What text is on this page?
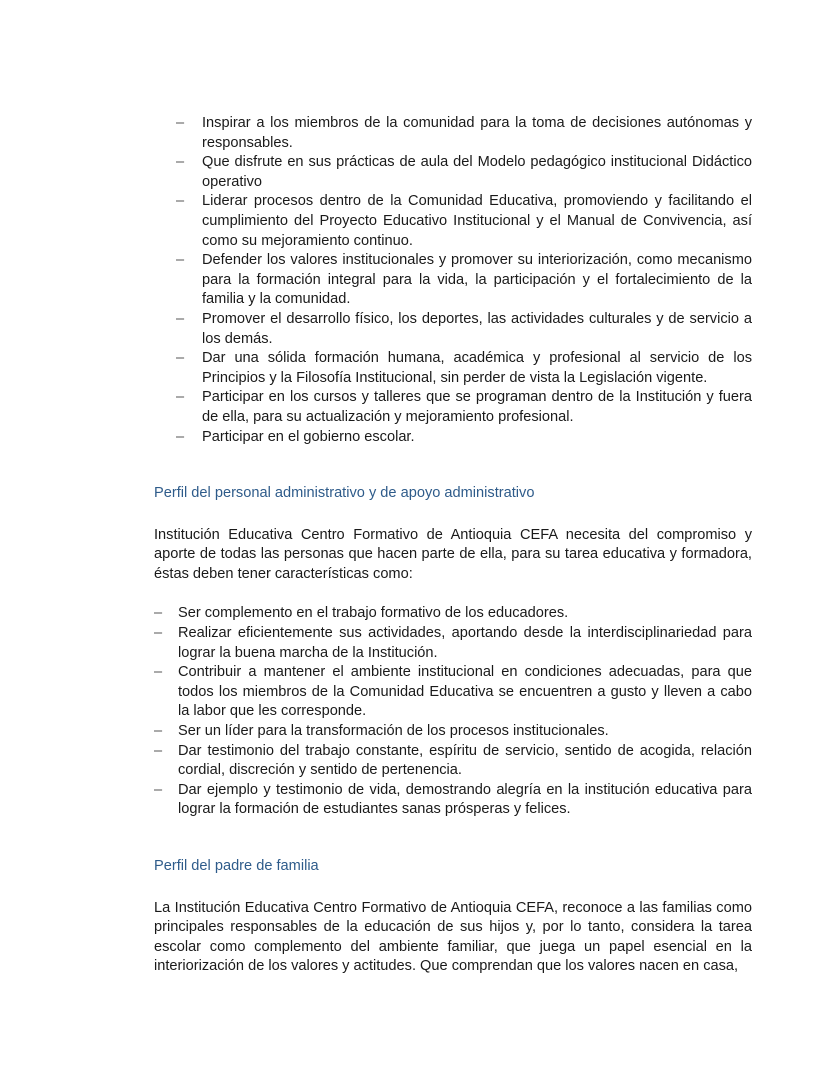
– Inspirar a los miembros de la comunidad para la toma de decisiones autónomas y responsables.
– Que disfrute en sus prácticas de aula del Modelo pedagógico institucional Didáctico operativo
– Liderar procesos dentro de la Comunidad Educativa, promoviendo y facilitando el cumplimiento del Proyecto Educativo Institucional y el Manual de Convivencia, así como su mejoramiento continuo.
– Defender los valores institucionales y promover su interiorización, como mecanismo para la formación integral para la vida, la participación y el fortalecimiento de la familia y la comunidad.
– Promover el desarrollo físico, los deportes, las actividades culturales y de servicio a los demás.
– Dar una sólida formación humana, académica y profesional al servicio de los Principios y la Filosofía Institucional, sin perder de vista la Legislación vigente.
– Participar en los cursos y talleres que se programan dentro de la Institución y fuera de ella, para su actualización y mejoramiento profesional.
– Participar en el gobierno escolar.
Perfil del personal administrativo y de apoyo administrativo

Institución Educativa Centro Formativo de Antioquia CEFA necesita del compromiso y aporte de todas las personas que hacen parte de ella, para su tarea educativa y formadora, éstas deben tener características como:

– Ser complemento en el trabajo formativo de los educadores.
– Realizar eficientemente sus actividades, aportando desde la interdisciplinariedad para lograr la buena marcha de la Institución.
– Contribuir a mantener el ambiente institucional en condiciones adecuadas, para que todos los miembros de la Comunidad Educativa se encuentren a gusto y lleven a cabo la labor que les corresponde.
– Ser un líder para la transformación de los procesos institucionales.
– Dar testimonio del trabajo constante, espíritu de servicio, sentido de acogida, relación cordial, discreción y sentido de pertenencia.
– Dar ejemplo y testimonio de vida, demostrando alegría en la institución educativa para lograr la formación de estudiantes sanas prósperas y felices.
Perfil del padre de familia

La Institución Educativa Centro Formativo de Antioquia CEFA, reconoce a las familias como principales responsables de la educación de sus hijos y, por lo tanto, considera la tarea escolar como complemento del ambiente familiar, que juega un papel esencial en la interiorización de los valores y actitudes. Que comprendan que los valores nacen en casa,
